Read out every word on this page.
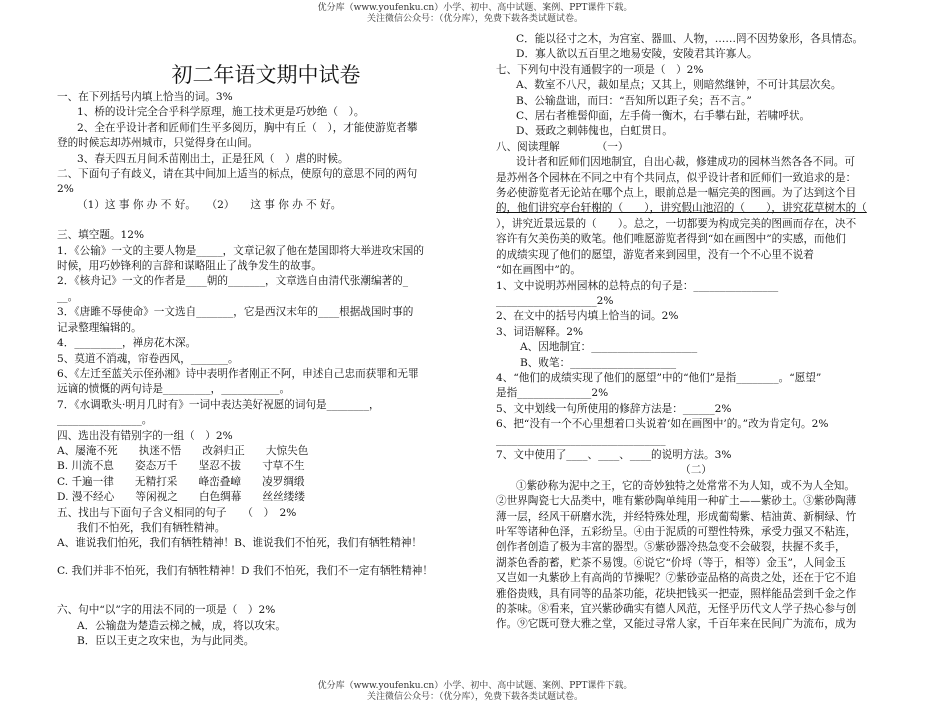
优分库（www.youfenku.cn）小学、初中、高中试题、案例、PPT课件下载。
关注微信公众号：（优分库），免费下载各类试题试卷。

初二年语文期中试卷

一、在下列括号内填上恰当的词。3%

1、桥的设计完全合乎科学原理，施工技术更是巧妙绝（　）。

2、全在乎设计者和匠师们生平多阅历，胸中有丘（　），才能使游览者攀

登的时候忘却苏州城市，只觉得身在山间。

3、春天四五月间禾苗刚出土，正是狂风（　）虐的时候。

二、下面句子有歧义，请在其中间加上适当的标点，使原句的意思不同的两句

2%

（1）这 事 你 办 不 好。　　（2）　　这 事 你 办 不 好。

三、填空题。12%

1．《公输》一文的主要人物是_____，文章记叙了他在楚国即将大举进攻宋国的

时候，用巧妙锋利的言辞和谋略阻止了战争发生的故事。

2．《核舟记》一文的作者是____朝的_______，文章选自由清代张潮编著的_

__。

3．《唐雎不辱使命》一文选自_______，它是西汉末年的____根据战国时事的

记录整理编辑的。

4．_________，禅房花木深。

5、莫道不消魂，帘卷西风，_______。

6、《左迁至蓝关示侄孙湘》诗中表明作者刚正不阿，申述自己忠而获罪和无罪

远谪的愤慨的两句诗是_________，___________。

7．《水调歌头·明月几时有》一词中表达美好祝愿的词句是________，

________________。

四、选出没有错别字的一组（　）2%

A、屡淹不死　　执迷不悟　　改斜归正　　大惊失色

B. 川流不息　　姿态万千　　坚忍不拔　　寸草不生

C. 千遍一律　　无精打采　　峰峦叠嶂　　凌罗绸缎

D. 漫不经心　　等闲视之　　白色绸幕　　丝丝缕缕

五、找出与下面句子含义相同的句子　　（　）　2%

我们不怕死，我们有牺牲精神。

A、谁说我们怕死，我们有牺牲精神！B、谁说我们不怕死，我们有牺牲精神！

C. 我们并非不怕死，我们有牺牲精神！D 我们不怕死，我们不一定有牺牲精神！

六、句中“以”字的用法不同的一项是（　）2%

A．公输盘为楚造云梯之械，成，将以攻宋。

B．臣以王吏之攻宋也，为与此同类。

C．能以径寸之木，为宫室、器皿、人物，……罔不因势象形，各具情态。

D．寡人欲以五百里之地易安陵，安陵君其许寡人。

七、下列句中没有通假字的一项是（　）2%

A、数室不八尺，裁如星点；又其上，则暗然继钟，不可计其层次矣。

B、公输盘诎，而曰：“吾知所以距子矣；吾不言。”

C、居右者椎髻仰面，左手倚一衡木，右手攀右趾，若啸呼状。

D、聂政之刺韩傀也，白虹贯日。

八、阅读理解　　　　（一）

设计者和匠师们因地制宜，自出心裁，修建成功的园林当然各各不同。可

是苏州各个园林在不同之中有个共同点，似乎设计者和匠师们一致追求的是：

务必使游览者无论站在哪个点上，眼前总是一幅完美的图画。为了达到这个目

的，他们讲究亭台轩榭的（　　），讲究假山池沼的（　　），讲究花草树木的（

），讲究近景远景的（　　）。总之，一切都要为构成完美的图画而存在，决不

容许有欠美伤美的败笔。他们唯愿游览者得到“如在画图中”的实感，而他们

的成绩实现了他们的愿望，游览者来到园里，没有一个不心里不说着

“如在画图中”的。

1、文中说明苏州园林的总特点的句子是：________________

___________________2%

2、在文中的括号内填上恰当的词。2%

3、词语解释。2%

A、因地制宜：____________________

B、败笔：____________________

4、“他们的成绩实现了他们的愿望”中的“他们”是指________。“愿望”

是指______________2%

5、文中划线一句所使用的修辞方法是：______2%

6、把“没有一个不心里想着口头说着‘如在画图中’的。”改为肯定句。2%

________________________________

7、文中使用了____、____、____的说明方法。3%

（二）

①紫砂称为泥中之王，它的奇妙独特之处常常不为人知，或不为人全知。

②世界陶瓷七大品类中，唯有紫砂陶单纯用一种矿土——紫砂土。③紫砂陶薄

薄一层，经风干研磨水洗，并经特殊处理，形成葡萄紫、桔油黄、新桐绿、竹

叶军等诸种色泽，五彩纷呈。④由于泥质的可塑性特殊，承受力强又不粘连，

创作者创造了极为丰富的器型。⑤紫砂器冷热急变不会破裂，扶握不炙手，

湖茶色香韵蓄，贮茶不易馊。⑥说它“价埒（等于，相等）金玉”，人间金玉

又岂如一丸紫砂上有高尚的节操呢？⑦紫砂壶品格的高贵之处，还在于它不追

雅俗贵贱，具有同等的品茶功能，花块把钱买一把壶，照样能品尝到千金之作

的茶味。⑧看来，宜兴紫砂确实有德人风范，无怪乎历代文人学子热心参与创

作。⑨它既可登大雅之堂，又能过寻常人家，千百年来在民间广为流布，成为

优分库（www.youfenku.cn）小学、初中、高中试题、案例、PPT课件下载。
关注微信公众号：（优分库），免费下载各类试题试卷。
